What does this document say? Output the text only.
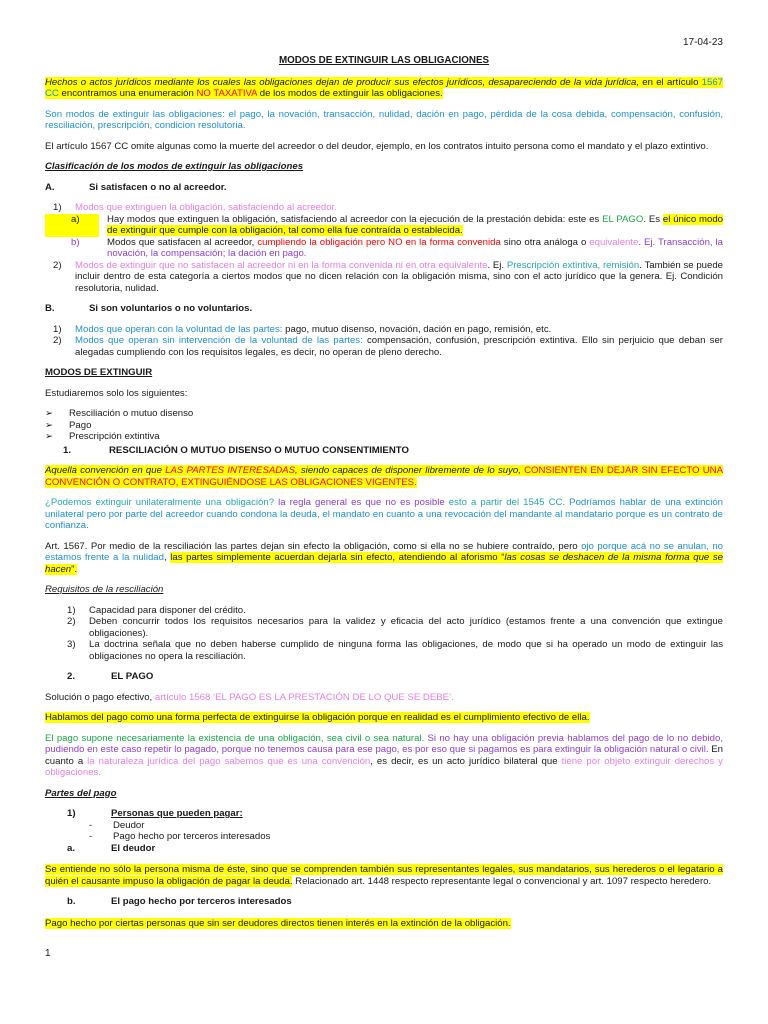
17-04-23
MODOS DE EXTINGUIR LAS OBLIGACIONES

Hechos o actos jurídicos mediante los cuales las obligaciones dejan de producir sus efectos jurídicos, desapareciendo de la vida jurídica, en el artículo 1567 CC encontramos una enumeración NO TAXATIVA de los modos de extinguir las obligaciones.

Son modos de extinguir las obligaciones: el pago, la novación, transacción, nulidad, dación en pago, pérdida de la cosa debida, compensación, confusión, resciliación, prescripción, condicion resolutoria.

El artículo 1567 CC omite algunas como la muerte del acreedor o del deudor, ejemplo, en los contratos intuito persona como el mandato y el plazo extintivo.

Clasificación de los modos de extinguir las obligaciones

A.	Si satisfacen o no al acreedor.
1)	Modos que extinguen la obligación, satisfaciendo al acreedor.
a)	Hay modos que extinguen la obligación, satisfaciendo al acreedor con la ejecución de la prestación debida: este es EL PAGO. Es el único modo de extinguir que cumple con la obligación, tal como ella fue contraída o establecida.
b)	Modos que satisfacen al acreedor, cumpliendo la obligación pero NO en la forma convenida sino otra análoga o equivalente. Ej. Transacción, la novación, la compensación; la dación en pago.
2)	Modos de extinguir que no satisfacen al acreedor ni en la forma convenida ni en otra equivalente. Ej. Prescripción extintiva, remisión. También se puede incluir dentro de esta categoría a ciertos modos que no dicen relación con la obligación misma, sino con el acto jurídico que la genera. Ej. Condición resolutoria, nulidad.
B.	Si son voluntarios o no voluntarios.
1)	Modos que operan con la voluntad de las partes: pago, mutuo disenso, novación, dación en pago, remisión, etc.
2)	Modos que operan sin intervención de la voluntad de las partes: compensación, confusión, prescripción extintiva. Ello sin perjuicio que deban ser alegadas cumpliendo con los requisitos legales, es decir, no operan de pleno derecho.

MODOS DE EXTINGUIR

Estudiaremos solo los siguientes:

➢	Resciliación o mutuo disenso
➢	Pago
➢	Prescripción extintiva
1.	RESCILIACIÓN O MUTUO DISENSO O MUTUO CONSENTIMIENTO

Aquella convención en que LAS PARTES INTERESADAS, siendo capaces de disponer libremente de lo suyo, CONSIENTEN EN DEJAR SIN EFECTO UNA CONVENCIÓN O CONTRATO, EXTINGUIÉNDOSE LAS OBLIGACIONES VIGENTES.

¿Podemos extinguir unilateralmente una obligación? la regla general es que no es posible esto a partir del 1545 CC. Podríamos hablar de una extinción unilateral pero por parte del acreedor cuando condona la deuda, el mandato en cuanto a una revocación del mandante al mandatario porque es un contrato de confianza.

Art. 1567. Por medio de la resciliación las partes dejan sin efecto la obligación, como si ella no se hubiere contraído, pero ojo porque acá no se anulan, no estamos frente a la nulidad, las partes simplemente acuerdan dejarla sin efecto, atendiendo al aforismo “las cosas se deshacen de la misma forma que se hacen”.

Requisitos de la resciliación

1)	Capacidad para disponer del crédito.
2)	Deben concurrir todos los requisitos necesarios para la validez y eficacia del acto jurídico (estamos frente a una convención que extingue obligaciones).
3)	La doctrina señala que no deben haberse cumplido de ninguna forma las obligaciones, de modo que si ha operado un modo de extinguir las obligaciones no opera la resciliación.
2.	EL PAGO

Solución o pago efectivo, artículo 1568 ‘EL PAGO ES LA PRESTACIÓN DE LO QUE SE DEBE’.

Hablamos del pago como una forma perfecta de extinguirse la obligación porque en realidad es el cumplimiento efectivo de ella.

El pago supone necesariamente la existencia de una obligación, sea civil o sea natural. Si no hay una obligación previa hablamos del pago de lo no debido, pudiendo en este caso repetir lo pagado, porque no tenemos causa para ese pago, es por eso que si pagamos es para extinguir la obligación natural o civil. En cuanto a la naturaleza jurídica del pago sabemos que es una convención, es decir, es un acto jurídico bilateral que tiene por objeto extinguir derechos y obligaciones.

Partes del pago

1)	Personas que pueden pagar:
-	Deudor
-	Pago hecho por terceros interesados
a.	El deudor

Se entiende no sólo la persona misma de éste, sino que se comprenden también sus representantes legales, sus mandatarios, sus herederos o el legatario a quién el causante impuso la obligación de pagar la deuda. Relacionado art. 1448 respecto representante legal o convencional y art. 1097 respecto heredero.

b.	El pago hecho por terceros interesados

Pago hecho por ciertas personas que sin ser deudores directos tienen interés en la extinción de la obligación.

1
